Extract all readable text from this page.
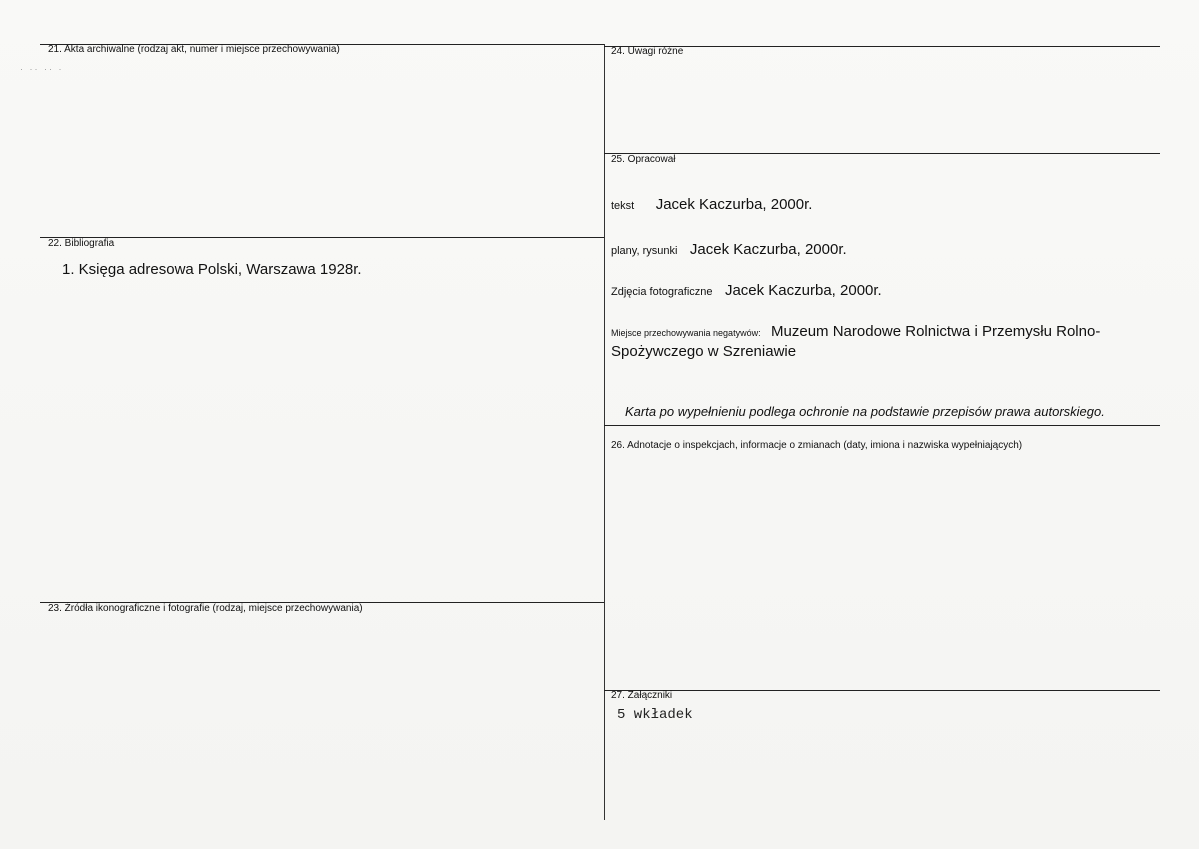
21. Akta archiwalne (rodzaj akt, numer i miejsce przechowywania)
· ·· ·· ·
22. Bibliografia
1. Księga adresowa Polski, Warszawa 1928r.
23. Źródła ikonograficzne i fotografie (rodzaj, miejsce przechowywania)
24. Uwagi różne
25. Opracował
tekst Jacek Kaczurba, 2000r.
plany, rysunki Jacek Kaczurba, 2000r.
Zdjęcia fotograficzne Jacek Kaczurba, 2000r.
Miejsce przechowywania negatywów: Muzeum Narodowe Rolnictwa i Przemysłu Rolno-
Spożywczego w Szreniawie
Karta po wypełnieniu podlega ochronie na podstawie przepisów prawa autorskiego.
26. Adnotacje o inspekcjach, informacje o zmianach (daty, imiona i nazwiska wypełniających)
27. Załączniki
5 wkładek
